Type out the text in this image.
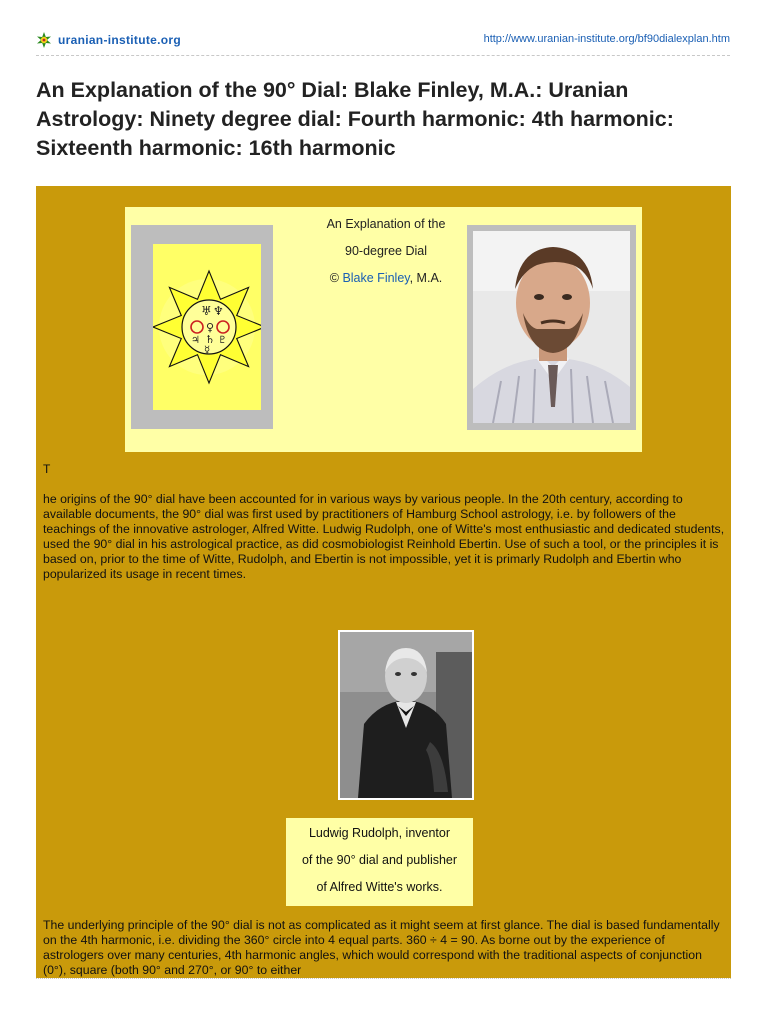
uranian-institute.org	http://www.uranian-institute.org/bf90dialexplan.htm
An Explanation of the 90° Dial: Blake Finley, M.A.: Uranian Astrology: Ninety degree dial: Fourth harmonic: 4th harmonic: Sixteenth harmonic: 16th harmonic
♅ ♆
♀
♃ ♄ ♇
☿
An Explanation of the
90-degree Dial
© Blake Finley, M.A.
T

he origins of the 90° dial have been accounted for in various ways by various people. In the 20th century, according to available documents, the 90° dial was first used by practitioners of Hamburg School astrology, i.e. by followers of the teachings of the innovative astrologer, Alfred Witte. Ludwig Rudolph, one of Witte's most enthusiastic and dedicated students, used the 90° dial in his astrological practice, as did cosmobiologist Reinhold Ebertin. Use of such a tool, or the principles it is based on, prior to the time of Witte, Rudolph, and Ebertin is not impossible, yet it is primarly Rudolph and Ebertin who popularized its usage in recent times.

Ludwig Rudolph, inventor
of the 90° dial and publisher
of Alfred Witte's works.

The underlying principle of the 90° dial is not as complicated as it might seem at first glance. The dial is based fundamentally on the 4th harmonic, i.e. dividing the 360° circle into 4 equal parts. 360 ÷ 4 = 90. As borne out by the experience of astrologers over many centuries, 4th harmonic angles, which would correspond with the traditional aspects of conjunction (0°), square (both 90° and 270°, or 90° to either
